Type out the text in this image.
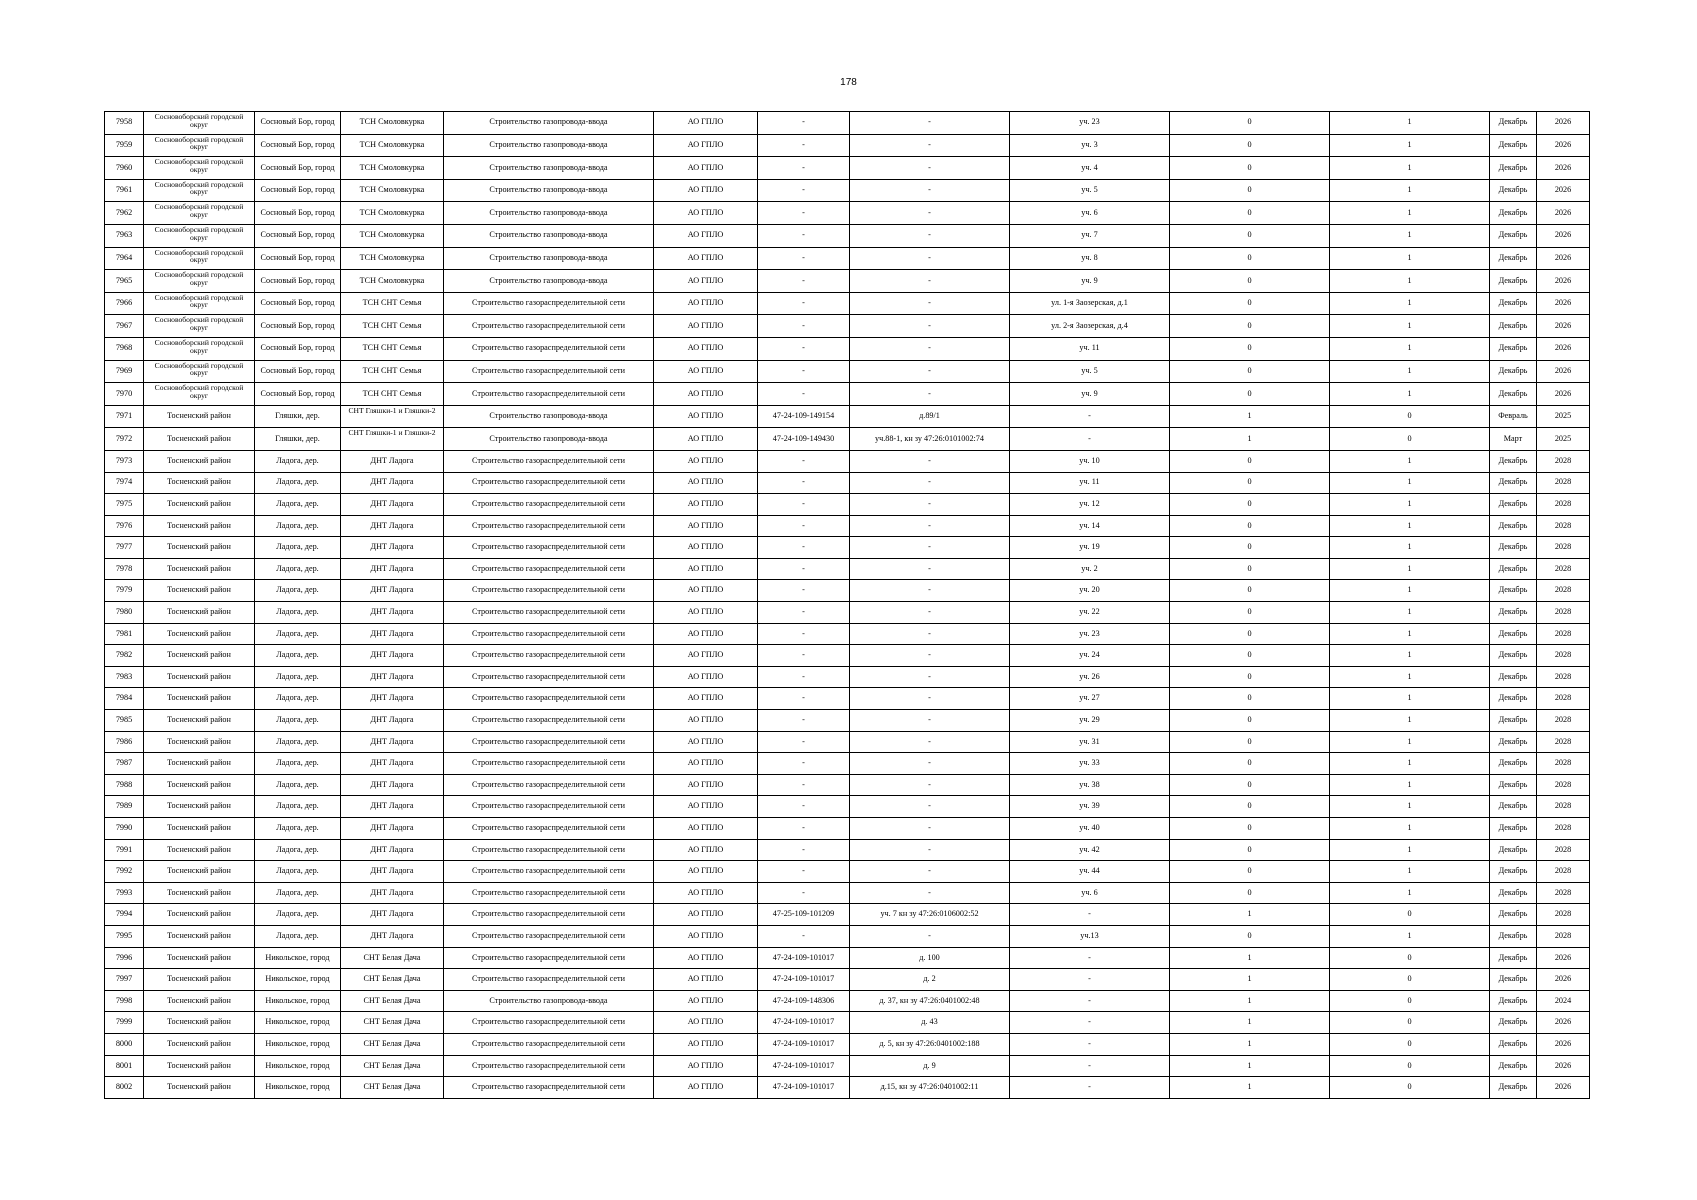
178
7958	Сосновоборский городской округ	Сосновый Бор, город	ТСН Смоловкурка	Строительство газопровода-ввода	АО ГПЛО	-	-	уч. 23	0	1	Декабрь	2026
7959	Сосновоборский городской округ	Сосновый Бор, город	ТСН Смоловкурка	Строительство газопровода-ввода	АО ГПЛО	-	-	уч. 3	0	1	Декабрь	2026
7960	Сосновоборский городской округ	Сосновый Бор, город	ТСН Смоловкурка	Строительство газопровода-ввода	АО ГПЛО	-	-	уч. 4	0	1	Декабрь	2026
7961	Сосновоборский городской округ	Сосновый Бор, город	ТСН Смоловкурка	Строительство газопровода-ввода	АО ГПЛО	-	-	уч. 5	0	1	Декабрь	2026
7962	Сосновоборский городской округ	Сосновый Бор, город	ТСН Смоловкурка	Строительство газопровода-ввода	АО ГПЛО	-	-	уч. 6	0	1	Декабрь	2026
7963	Сосновоборский городской округ	Сосновый Бор, город	ТСН Смоловкурка	Строительство газопровода-ввода	АО ГПЛО	-	-	уч. 7	0	1	Декабрь	2026
7964	Сосновоборский городской округ	Сосновый Бор, город	ТСН Смоловкурка	Строительство газопровода-ввода	АО ГПЛО	-	-	уч. 8	0	1	Декабрь	2026
7965	Сосновоборский городской округ	Сосновый Бор, город	ТСН Смоловкурка	Строительство газопровода-ввода	АО ГПЛО	-	-	уч. 9	0	1	Декабрь	2026
7966	Сосновоборский городской округ	Сосновый Бор, город	ТСН СНТ Семья	Строительство газораспределительной сети	АО ГПЛО	-	-	ул. 1-я Заозерская, д.1	0	1	Декабрь	2026
7967	Сосновоборский городской округ	Сосновый Бор, город	ТСН СНТ Семья	Строительство газораспределительной сети	АО ГПЛО	-	-	ул. 2-я Заозерская, д.4	0	1	Декабрь	2026
7968	Сосновоборский городской округ	Сосновый Бор, город	ТСН СНТ Семья	Строительство газораспределительной сети	АО ГПЛО	-	-	уч. 11	0	1	Декабрь	2026
7969	Сосновоборский городской округ	Сосновый Бор, город	ТСН СНТ Семья	Строительство газораспределительной сети	АО ГПЛО	-	-	уч. 5	0	1	Декабрь	2026
7970	Сосновоборский городской округ	Сосновый Бор, город	ТСН СНТ Семья	Строительство газораспределительной сети	АО ГПЛО	-	-	уч. 9	0	1	Декабрь	2026
7971	Тосненский район	Гляшки, дер.	СНТ Гляшки-1 и Гляшки-2	Строительство газопровода-ввода	АО ГПЛО	47-24-109-149154	д.89/1	-	1	0	Февраль	2025
7972	Тосненский район	Гляшки, дер.	СНТ Гляшки-1 и Гляшки-2	Строительство газопровода-ввода	АО ГПЛО	47-24-109-149430	уч.88-1, кн зу 47:26:0101002:74	-	1	0	Март	2025
7973	Тосненский район	Ладога, дер.	ДНТ Ладога	Строительство газораспределительной сети	АО ГПЛО	-	-	уч. 10	0	1	Декабрь	2028
7974	Тосненский район	Ладога, дер.	ДНТ Ладога	Строительство газораспределительной сети	АО ГПЛО	-	-	уч. 11	0	1	Декабрь	2028
7975	Тосненский район	Ладога, дер.	ДНТ Ладога	Строительство газораспределительной сети	АО ГПЛО	-	-	уч. 12	0	1	Декабрь	2028
7976	Тосненский район	Ладога, дер.	ДНТ Ладога	Строительство газораспределительной сети	АО ГПЛО	-	-	уч. 14	0	1	Декабрь	2028
7977	Тосненский район	Ладога, дер.	ДНТ Ладога	Строительство газораспределительной сети	АО ГПЛО	-	-	уч. 19	0	1	Декабрь	2028
7978	Тосненский район	Ладога, дер.	ДНТ Ладога	Строительство газораспределительной сети	АО ГПЛО	-	-	уч. 2	0	1	Декабрь	2028
7979	Тосненский район	Ладога, дер.	ДНТ Ладога	Строительство газораспределительной сети	АО ГПЛО	-	-	уч. 20	0	1	Декабрь	2028
7980	Тосненский район	Ладога, дер.	ДНТ Ладога	Строительство газораспределительной сети	АО ГПЛО	-	-	уч. 22	0	1	Декабрь	2028
7981	Тосненский район	Ладога, дер.	ДНТ Ладога	Строительство газораспределительной сети	АО ГПЛО	-	-	уч. 23	0	1	Декабрь	2028
7982	Тосненский район	Ладога, дер.	ДНТ Ладога	Строительство газораспределительной сети	АО ГПЛО	-	-	уч. 24	0	1	Декабрь	2028
7983	Тосненский район	Ладога, дер.	ДНТ Ладога	Строительство газораспределительной сети	АО ГПЛО	-	-	уч. 26	0	1	Декабрь	2028
7984	Тосненский район	Ладога, дер.	ДНТ Ладога	Строительство газораспределительной сети	АО ГПЛО	-	-	уч. 27	0	1	Декабрь	2028
7985	Тосненский район	Ладога, дер.	ДНТ Ладога	Строительство газораспределительной сети	АО ГПЛО	-	-	уч. 29	0	1	Декабрь	2028
7986	Тосненский район	Ладога, дер.	ДНТ Ладога	Строительство газораспределительной сети	АО ГПЛО	-	-	уч. 31	0	1	Декабрь	2028
7987	Тосненский район	Ладога, дер.	ДНТ Ладога	Строительство газораспределительной сети	АО ГПЛО	-	-	уч. 33	0	1	Декабрь	2028
7988	Тосненский район	Ладога, дер.	ДНТ Ладога	Строительство газораспределительной сети	АО ГПЛО	-	-	уч. 38	0	1	Декабрь	2028
7989	Тосненский район	Ладога, дер.	ДНТ Ладога	Строительство газораспределительной сети	АО ГПЛО	-	-	уч. 39	0	1	Декабрь	2028
7990	Тосненский район	Ладога, дер.	ДНТ Ладога	Строительство газораспределительной сети	АО ГПЛО	-	-	уч. 40	0	1	Декабрь	2028
7991	Тосненский район	Ладога, дер.	ДНТ Ладога	Строительство газораспределительной сети	АО ГПЛО	-	-	уч. 42	0	1	Декабрь	2028
7992	Тосненский район	Ладога, дер.	ДНТ Ладога	Строительство газораспределительной сети	АО ГПЛО	-	-	уч. 44	0	1	Декабрь	2028
7993	Тосненский район	Ладога, дер.	ДНТ Ладога	Строительство газораспределительной сети	АО ГПЛО	-	-	уч. 6	0	1	Декабрь	2028
7994	Тосненский район	Ладога, дер.	ДНТ Ладога	Строительство газораспределительной сети	АО ГПЛО	47-25-109-101209	уч. 7 кн зу 47:26:0106002:52	-	1	0	Декабрь	2028
7995	Тосненский район	Ладога, дер.	ДНТ Ладога	Строительство газораспределительной сети	АО ГПЛО	-	-	уч.13	0	1	Декабрь	2028
7996	Тосненский район	Никольское, город	СНТ Белая Дача	Строительство газораспределительной сети	АО ГПЛО	47-24-109-101017	д. 100	-	1	0	Декабрь	2026
7997	Тосненский район	Никольское, город	СНТ Белая Дача	Строительство газораспределительной сети	АО ГПЛО	47-24-109-101017	д. 2	-	1	0	Декабрь	2026
7998	Тосненский район	Никольское, город	СНТ Белая Дача	Строительство газопровода-ввода	АО ГПЛО	47-24-109-148306	д. 37, кн зу 47:26:0401002:48	-	1	0	Декабрь	2024
7999	Тосненский район	Никольское, город	СНТ Белая Дача	Строительство газораспределительной сети	АО ГПЛО	47-24-109-101017	д. 43	-	1	0	Декабрь	2026
8000	Тосненский район	Никольское, город	СНТ Белая Дача	Строительство газораспределительной сети	АО ГПЛО	47-24-109-101017	д. 5, кн зу 47:26:0401002:188	-	1	0	Декабрь	2026
8001	Тосненский район	Никольское, город	СНТ Белая Дача	Строительство газораспределительной сети	АО ГПЛО	47-24-109-101017	д. 9	-	1	0	Декабрь	2026
8002	Тосненский район	Никольское, город	СНТ Белая Дача	Строительство газораспределительной сети	АО ГПЛО	47-24-109-101017	д.15, кн зу 47:26:0401002:11	-	1	0	Декабрь	2026
